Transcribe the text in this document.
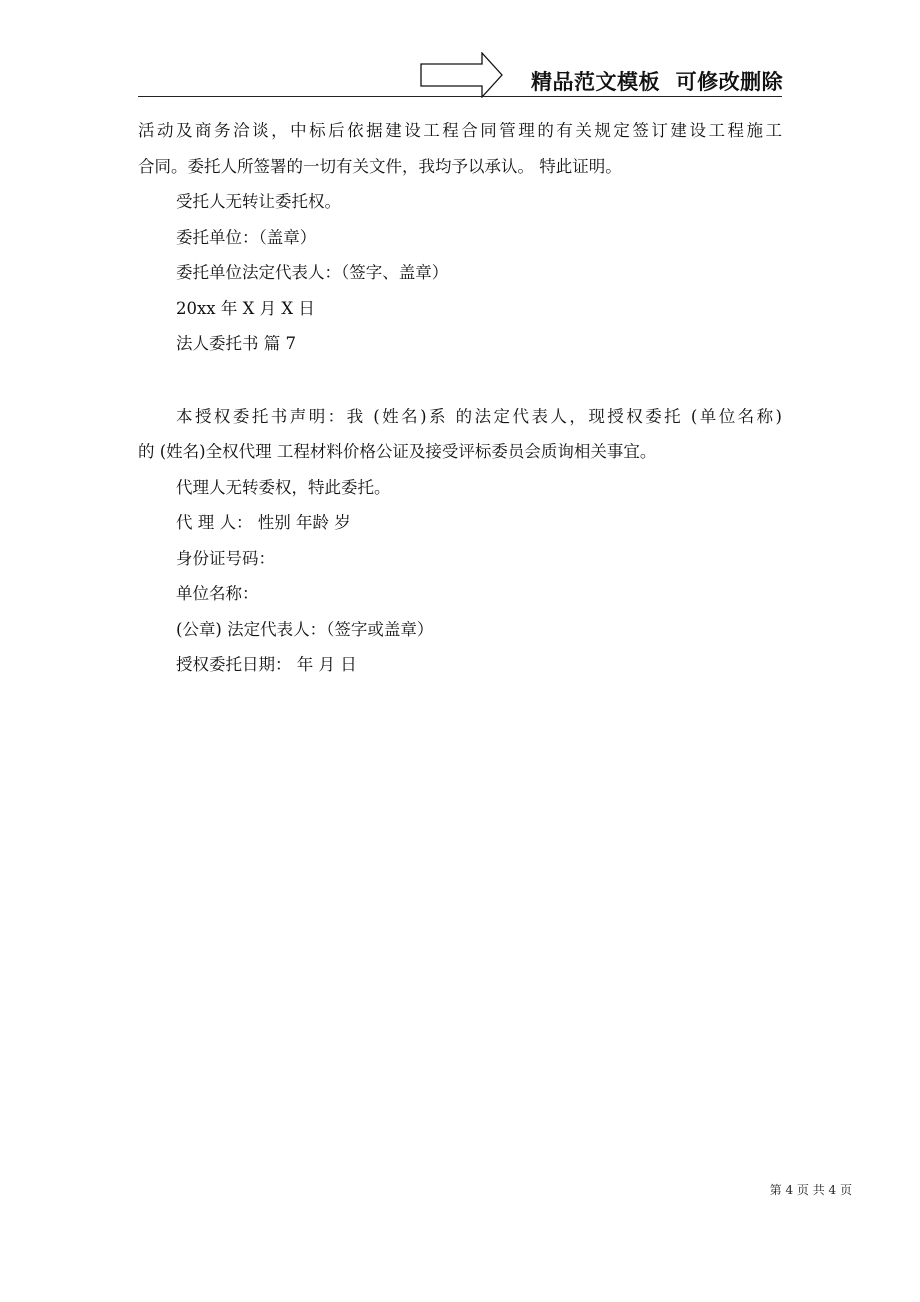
精品范文模板  可修改删除
活动及商务洽谈，中标后依据建设工程合同管理的有关规定签订建设工程施工
合同。委托人所签署的一切有关文件，我均予以承认。 特此证明。
受托人无转让委托权。
委托单位：（盖章）
委托单位法定代表人：（签字、盖章）
20xx 年 X 月 X 日
法人委托书 篇 7
本授权委托书声明：我 (姓名)系 的法定代表人，现授权委托 (单位名称)
的 (姓名)全权代理 工程材料价格公证及接受评标委员会质询相关事宜。
代理人无转委权，特此委托。
代 理 人： 性别 年龄 岁
身份证号码：
单位名称：
(公章) 法定代表人：（签字或盖章）
授权委托日期： 年 月 日
第 4 页 共 4 页
